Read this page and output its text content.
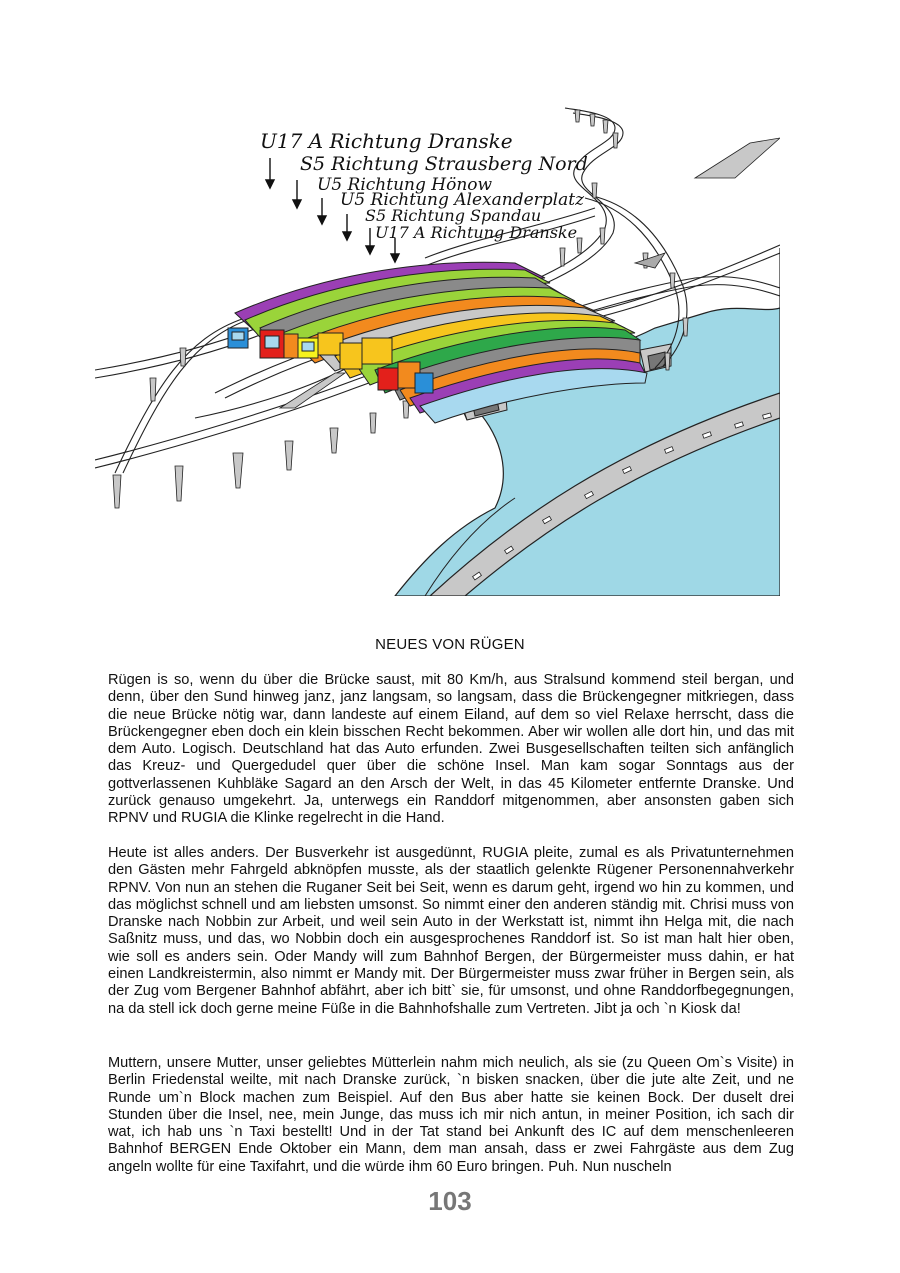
U17 A Richtung Dranske
S5 Richtung Strausberg Nord
U5 Richtung Hönow
U5 Richtung Alexanderplatz
S5 Richtung Spandau
U17 A Richtung Dranske
NEUES VON RÜGEN

Rügen is so, wenn du über die Brücke saust, mit 80 Km/h, aus Stralsund kommend steil bergan, und denn, über den Sund hinweg janz, janz langsam, so langsam, dass die Brückengegner mitkriegen, dass die neue Brücke nötig war, dann landeste auf einem Eiland, auf dem so viel Relaxe herrscht, dass die Brückengegner eben doch ein klein bisschen Recht bekommen. Aber wir wollen alle dort hin, und das mit dem Auto. Logisch. Deutschland hat das Auto erfunden. Zwei Busgesellschaften teilten sich anfänglich das Kreuz- und Quergedudel quer über die schöne Insel. Man kam sogar Sonntags aus der gottverlassenen Kuhbläke Sagard an den Arsch der Welt, in das 45 Kilometer entfernte Dranske. Und zurück genauso umgekehrt. Ja, unterwegs ein Randdorf mitgenommen, aber ansonsten gaben sich RPNV und RUGIA die Klinke regelrecht in die Hand.

Heute ist alles anders. Der Busverkehr ist ausgedünnt, RUGIA pleite, zumal es als Privatunternehmen den Gästen mehr Fahrgeld abknöpfen musste, als der staatlich gelenkte Rügener Personennahverkehr RPNV. Von nun an stehen die Ruganer Seit bei Seit, wenn es darum geht, irgend wo hin zu kommen, und das möglichst schnell und am liebsten umsonst. So nimmt einer den anderen ständig mit. Chrisi muss von Dranske nach Nobbin zur Arbeit, und weil sein Auto in der Werkstatt ist, nimmt ihn Helga mit, die nach Saßnitz muss, und das, wo Nobbin doch ein ausgesprochenes Randdorf ist. So ist man halt hier oben, wie soll es anders sein. Oder Mandy will zum Bahnhof Bergen, der Bürgermeister muss dahin, er hat einen Landkreistermin, also nimmt er Mandy mit. Der Bürgermeister muss zwar früher in Bergen sein, als der Zug vom Bergener Bahnhof abfährt, aber ich bitt` sie, für umsonst, und ohne Randdorfbegegnungen, na da stell ick doch gerne meine Füße in die Bahnhofshalle zum Vertreten. Jibt ja och `n Kiosk da!

Muttern, unsere Mutter, unser geliebtes Mütterlein nahm mich neulich, als sie (zu Queen Om`s Visite) in Berlin Friedenstal weilte, mit nach Dranske zurück, `n bisken snacken, über die jute alte Zeit, und ne Runde um`n Block machen zum Beispiel. Auf den Bus aber hatte sie keinen Bock. Der duselt drei Stunden über die Insel, nee, mein Junge, das muss ich mir nich antun, in meiner Position, ich sach dir wat, ich hab uns `n Taxi bestellt! Und in der Tat stand bei Ankunft des IC auf dem menschenleeren Bahnhof BERGEN Ende Oktober ein Mann, dem man ansah, dass er zwei Fahrgäste aus dem Zug angeln wollte für eine Taxifahrt, und die würde ihm 60 Euro bringen. Puh. Nun nuscheln

103
